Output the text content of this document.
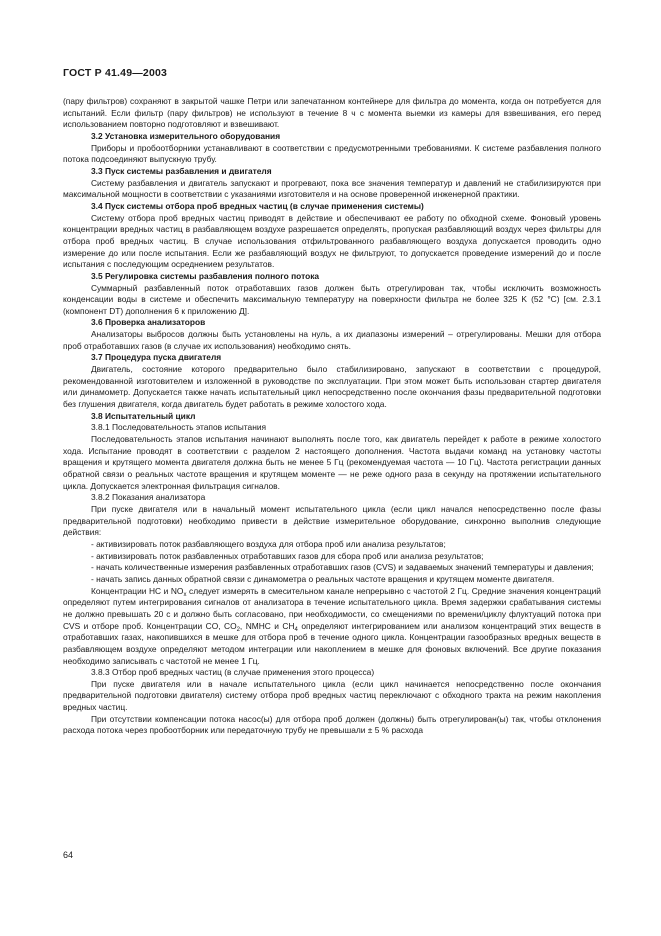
ГОСТ Р 41.49—2003

(пару фильтров) сохраняют в закрытой чашке Петри или запечатанном контейнере для фильтра до момента, когда он потребуется для испытаний. Если фильтр (пару фильтров) не используют в течение 8 ч с момента выемки из камеры для взвешивания, его перед использованием повторно подготовляют и взвешивают.

3.2 Установка измерительного оборудования

Приборы и пробоотборники устанавливают в соответствии с предусмотренными требованиями. К системе разбавления полного потока подсоединяют выпускную трубу.

3.3 Пуск системы разбавления и двигателя

Систему разбавления и двигатель запускают и прогревают, пока все значения температур и давлений не стабилизируются при максимальной мощности в соответствии с указаниями изготовителя и на основе проверенной инженерной практики.

3.4 Пуск системы отбора проб вредных частиц (в случае применения системы)

Систему отбора проб вредных частиц приводят в действие и обеспечивают ее работу по обходной схеме. Фоновый уровень концентрации вредных частиц в разбавляющем воздухе разрешается определять, пропуская разбавляющий воздух через фильтры для отбора проб вредных частиц. В случае использования отфильтрованного разбавляющего воздуха допускается проводить одно измерение до или после испытания. Если же разбавляющий воздух не фильтруют, то допускается проведение измерений до и после испытания с последующим осреднением результатов.

3.5 Регулировка системы разбавления полного потока

Суммарный разбавленный поток отработавших газов должен быть отрегулирован так, чтобы исключить возможность конденсации воды в системе и обеспечить максимальную температуру на поверхности фильтра не более 325 K (52 °С) [см. 2.3.1 (компонент DT) дополнения 6 к приложению Д].

3.6 Проверка анализаторов

Анализаторы выбросов должны быть установлены на нуль, а их диапазоны измерений – отрегулированы. Мешки для отбора проб отработавших газов (в случае их использования) необходимо снять.

3.7 Процедура пуска двигателя

Двигатель, состояние которого предварительно было стабилизировано, запускают в соответствии с процедурой, рекомендованной изготовителем и изложенной в руководстве по эксплуатации. При этом может быть использован стартер двигателя или динамометр. Допускается также начать испытательный цикл непосредственно после окончания фазы предварительной подготовки без глушения двигателя, когда двигатель будет работать в режиме холостого хода.

3.8 Испытательный цикл

3.8.1 Последовательность этапов испытания

Последовательность этапов испытания начинают выполнять после того, как двигатель перейдет к работе в режиме холостого хода. Испытание проводят в соответствии с разделом 2 настоящего дополнения. Частота выдачи команд на установку частоты вращения и крутящего момента двигателя должна быть не менее 5 Гц (рекомендуемая частота — 10 Гц). Частота регистрации данных обратной связи о реальных частоте вращения и крутящем моменте — не реже одного раза в секунду на протяжении испытательного цикла. Допускается электронная фильтрация сигналов.

3.8.2 Показания анализатора

При пуске двигателя или в начальный момент испытательного цикла (если цикл начался непосредственно после фазы предварительной подготовки) необходимо привести в действие измерительное оборудование, синхронно выполнив следующие действия:

- активизировать поток разбавляющего воздуха для отбора проб или анализа результатов;

- активизировать поток разбавленных отработавших газов для сбора проб или анализа результатов;

- начать количественные измерения разбавленных отработавших газов (CVS) и задаваемых значений температуры и давления;

- начать запись данных обратной связи с динамометра о реальных частоте вращения и крутящем моменте двигателя.

Концентрации HC и $NO_x$ следует измерять в смесительном канале непрерывно с частотой 2 Гц. Средние значения концентраций определяют путем интегрирования сигналов от анализатора в течение испытательного цикла. Время задержки срабатывания системы не должно превышать 20 с и должно быть согласовано, при необходимости, со смещениями по времени/циклу флуктуаций потока при CVS и отборе проб. Концентрации CO, $CO_2$, NMHC и $CH_4$ определяют интегрированием или анализом концентраций этих веществ в отработавших газах, накопившихся в мешке для отбора проб в течение одного цикла. Концентрации газообразных вредных веществ в разбавляющем воздухе определяют методом интеграции или накоплением в мешке для фоновых включений. Все другие показания необходимо записывать с частотой не менее 1 Гц.

3.8.3 Отбор проб вредных частиц (в случае применения этого процесса)

При пуске двигателя или в начале испытательного цикла (если цикл начинается непосредственно после окончания предварительной подготовки двигателя) систему отбора проб вредных частиц переключают с обходного тракта на режим накопления вредных частиц.

При отсутствии компенсации потока насос(ы) для отбора проб должен (должны) быть отрегулирован(ы) так, чтобы отклонения расхода потока через пробоотборник или передаточную трубу не превышали ± 5 % расхода

64
